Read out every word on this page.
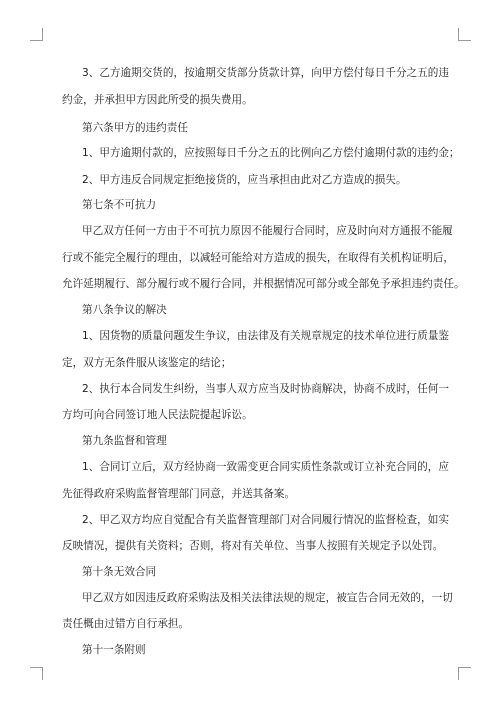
3、乙方逾期交货的，按逾期交货部分货款计算，向甲方偿付每日千分之五的违
约金，并承担甲方因此所受的损失费用。
第六条甲方的违约责任
1、甲方逾期付款的，应按照每日千分之五的比例向乙方偿付逾期付款的违约金；
2、甲方违反合同规定拒绝接货的，应当承担由此对乙方造成的损失。
第七条不可抗力
甲乙双方任何一方由于不可抗力原因不能履行合同时，应及时向对方通报不能履
行或不能完全履行的理由，以减轻可能给对方造成的损失，在取得有关机构证明后，
允许延期履行、部分履行或不履行合同，并根据情况可部分或全部免予承担违约责任。
第八条争议的解决
1、因货物的质量问题发生争议，由法律及有关规章规定的技术单位进行质量鉴
定，双方无条件服从该鉴定的结论；
2、执行本合同发生纠纷，当事人双方应当及时协商解决，协商不成时，任何一
方均可向合同签订地人民法院提起诉讼。
第九条监督和管理
1、合同订立后，双方经协商一致需变更合同实质性条款或订立补充合同的，应
先征得政府采购监督管理部门同意，并送其备案。
2、甲乙双方均应自觉配合有关监督管理部门对合同履行情况的监督检查，如实
反映情况，提供有关资料；否则，将对有关单位、当事人按照有关规定予以处罚。
第十条无效合同
甲乙双方如因违反政府采购法及相关法律法规的规定，被宣告合同无效的，一切
责任概由过错方自行承担。
第十一条附则
